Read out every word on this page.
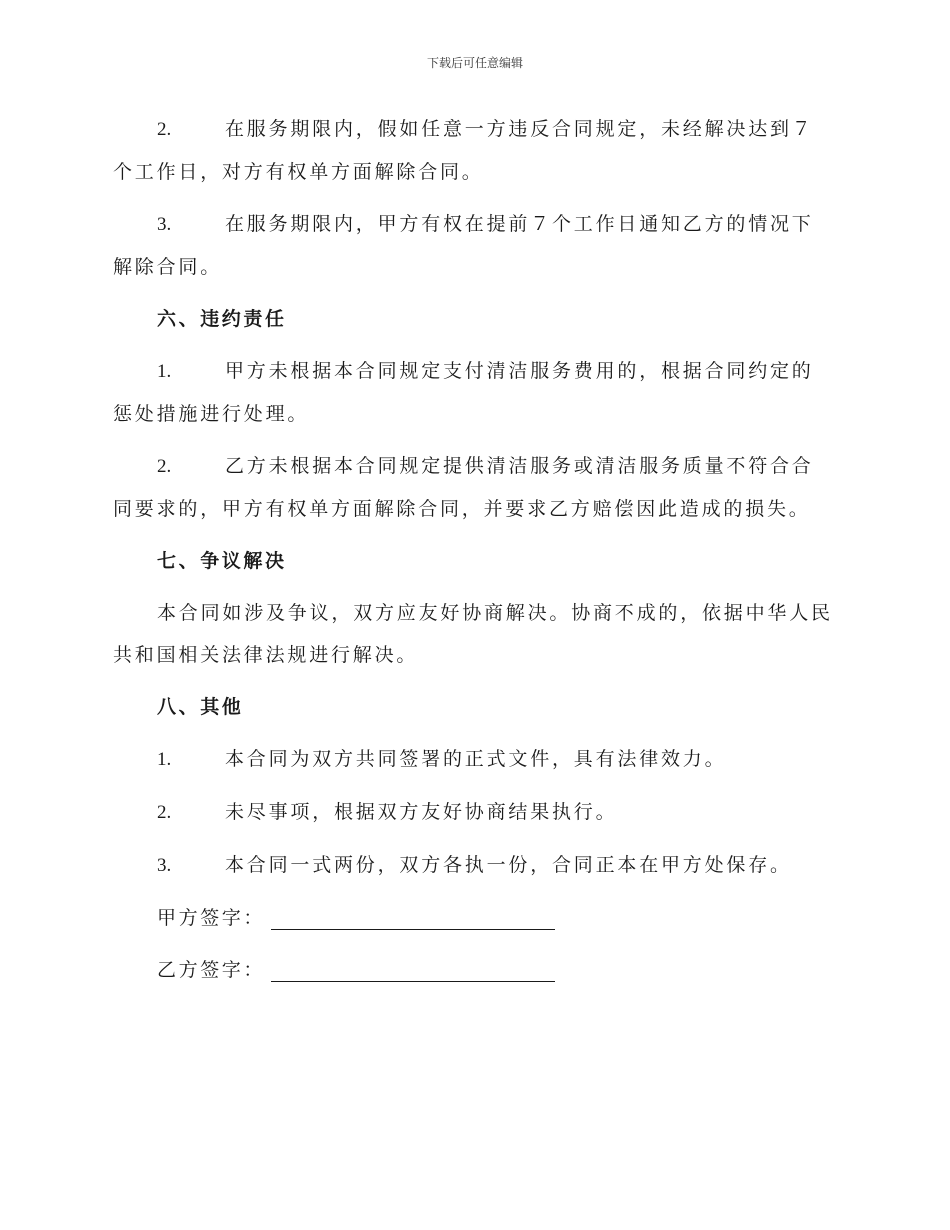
下载后可任意编辑

2.	在服务期限内，假如任意一方违反合同规定，未经解决达到７个工作日，对方有权单方面解除合同。

3.	在服务期限内，甲方有权在提前７个工作日通知乙方的情况下解除合同。

六、违约责任

1.	甲方未根据本合同规定支付清洁服务费用的，根据合同约定的惩处措施进行处理。

2.	乙方未根据本合同规定提供清洁服务或清洁服务质量不符合合同要求的，甲方有权单方面解除合同，并要求乙方赔偿因此造成的损失。

七、争议解决

本合同如涉及争议，双方应友好协商解决。协商不成的，依据中华人民共和国相关法律法规进行解决。

八、其他

1.	本合同为双方共同签署的正式文件，具有法律效力。

2.	未尽事项，根据双方友好协商结果执行。

3.	本合同一式两份，双方各执一份，合同正本在甲方处保存。

甲方签字：
乙方签字：
